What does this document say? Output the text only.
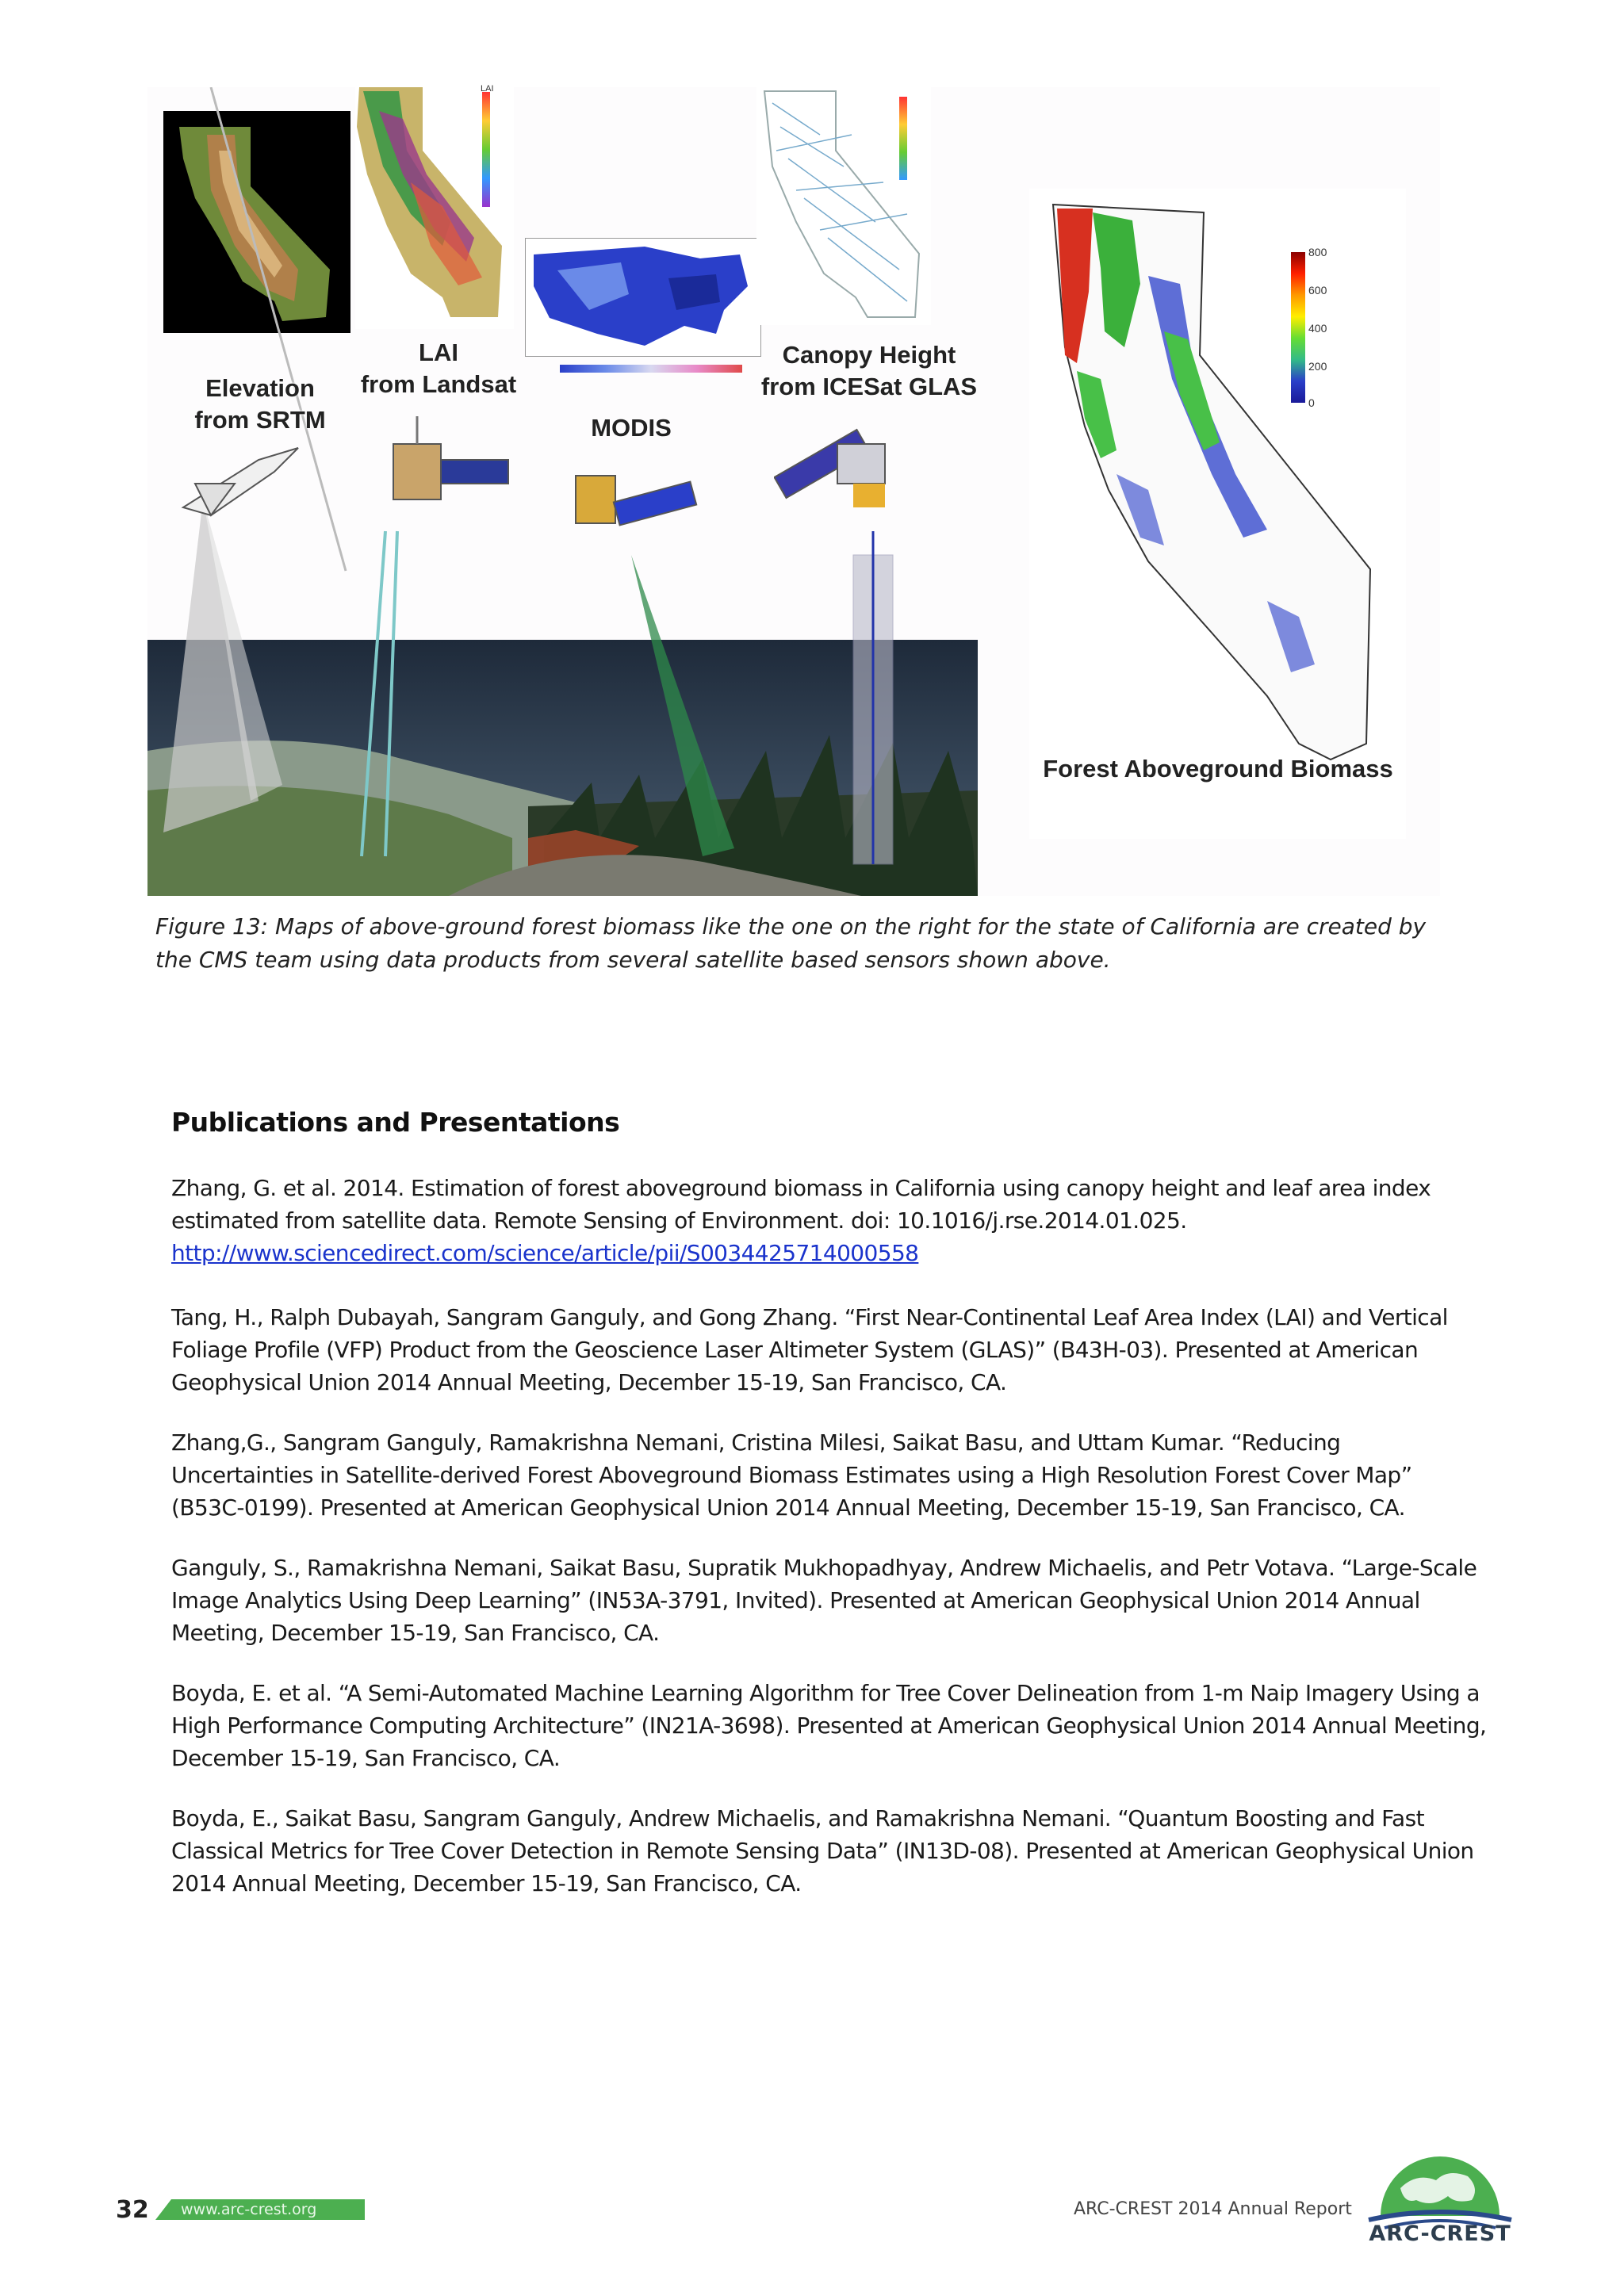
LAI
800
600
400
200
0
Elevation
from SRTM
LAI
from Landsat
MODIS
Canopy Height
from ICESat GLAS
Forest Aboveground Biomass
Figure 13: Maps of above-ground forest biomass like the one on the right for the state of California are created by the CMS team using data products from several satellite based sensors shown above.
Publications and Presentations
Zhang, G. et al. 2014. Estimation of forest aboveground biomass in California using canopy height and leaf area index estimated from satellite data. Remote Sensing of Environment. doi: 10.1016/j.rse.2014.01.025.
http://www.sciencedirect.com/science/article/pii/S0034425714000558
Tang, H., Ralph Dubayah, Sangram Ganguly, and Gong Zhang. “First Near-Continental Leaf Area Index (LAI) and Vertical Foliage Profile (VFP) Product from the Geoscience Laser Altimeter System (GLAS)” (B43H-03). Presented at American Geophysical Union 2014 Annual Meeting, December 15-19, San Francisco, CA.
Zhang,G., Sangram Ganguly, Ramakrishna Nemani, Cristina Milesi, Saikat Basu, and Uttam Kumar. “Reducing Uncertainties in Satellite-derived Forest Aboveground Biomass Estimates using a High Resolution Forest Cover Map” (B53C-0199). Presented at American Geophysical Union 2014 Annual Meeting, December 15-19, San Francisco, CA.
Ganguly, S., Ramakrishna Nemani, Saikat Basu, Supratik Mukhopadhyay, Andrew Michaelis, and Petr Votava. “Large-Scale Image Analytics Using Deep Learning” (IN53A-3791, Invited). Presented at American Geophysical Union 2014 Annual Meeting, December 15-19, San Francisco, CA.
Boyda, E. et al. “A Semi-Automated Machine Learning Algorithm for Tree Cover Delineation from 1-m Naip Imagery Using a High Performance Computing Architecture” (IN21A-3698). Presented at American Geophysical Union 2014 Annual Meeting, December 15-19, San Francisco, CA.
Boyda, E., Saikat Basu, Sangram Ganguly, Andrew Michaelis, and Ramakrishna Nemani. “Quantum Boosting and Fast Classical Metrics for Tree Cover Detection in Remote Sensing Data” (IN13D-08). Presented at American Geophysical Union 2014 Annual Meeting, December 15-19, San Francisco, CA.
32 www.arc-crest.org	ARC-CREST 2014 Annual Report
ARC-CREST
